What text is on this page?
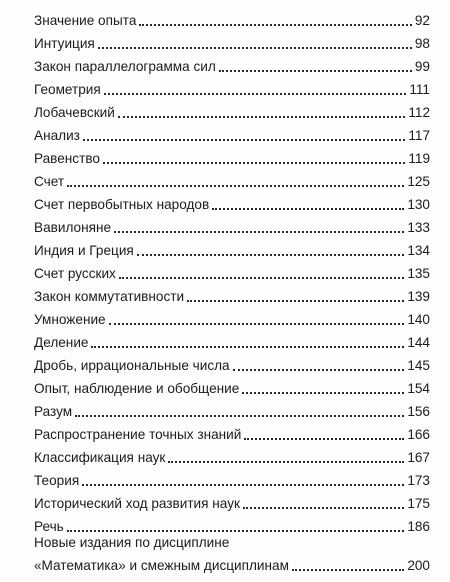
Значение опыта	92
Интуиция	98
Закон параллелограмма сил	99
Геометрия	111
Лобачевский	112
Анализ	117
Равенство	119
Счет	125
Счет первобытных народов	130
Вавилоняне	133
Индия и Греция	134
Счет русских	135
Закон коммутативности	139
Умножение	140
Деление	144
Дробь, иррациональные числа	145
Опыт, наблюдение и обобщение	154
Разум	156
Распространение точных знаний	166
Классификация наук	167
Теория	173
Исторический ход развития наук	175
Речь	186
Новые издания по дисциплине
«Математика» и смежным дисциплинам	200
